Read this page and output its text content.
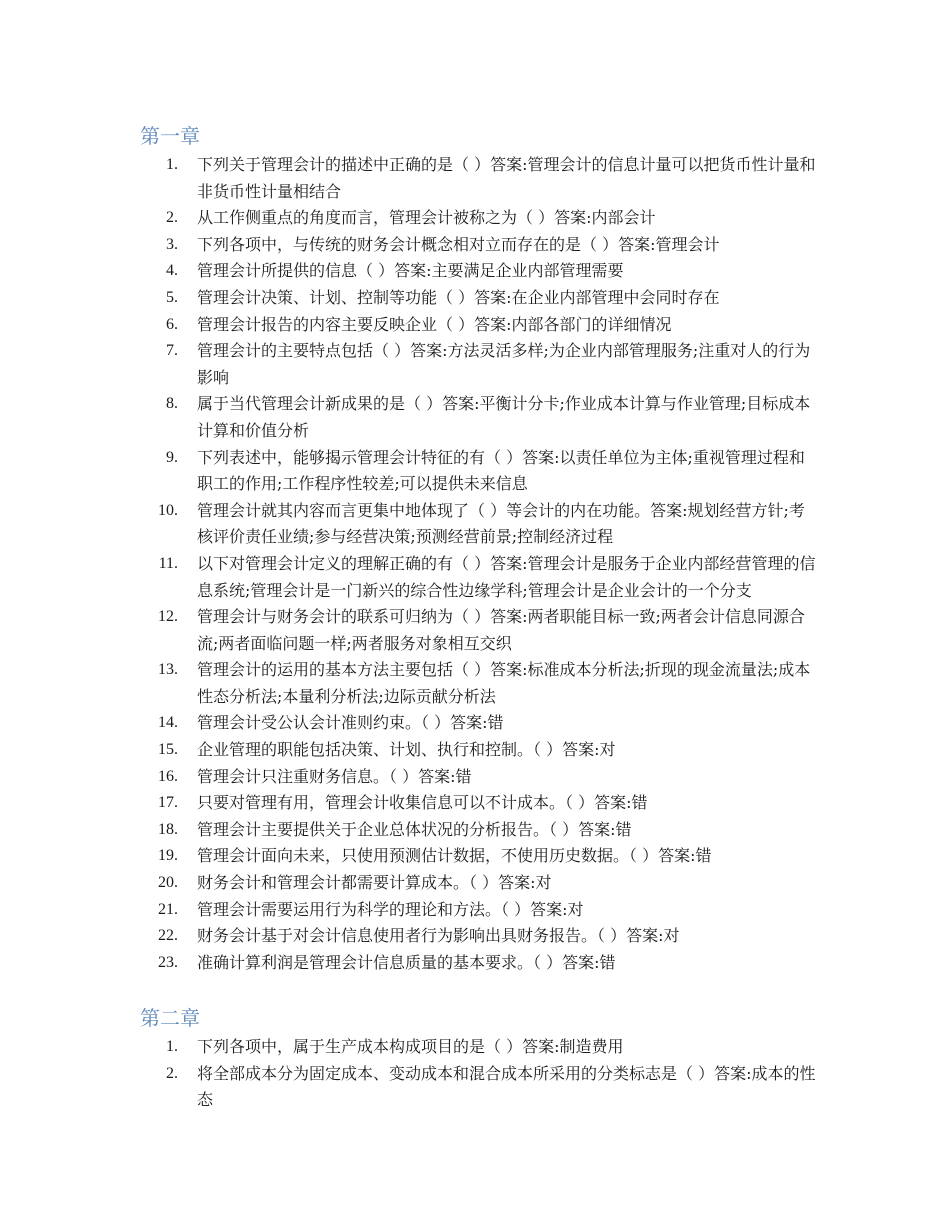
第一章
1. 下列关于管理会计的描述中正确的是（ ）答案:管理会计的信息计量可以把货币性计量和非货币性计量相结合
2. 从工作侧重点的角度而言，管理会计被称之为（ ）答案:内部会计
3. 下列各项中，与传统的财务会计概念相对立而存在的是（ ）答案:管理会计
4. 管理会计所提供的信息（ ）答案:主要满足企业内部管理需要
5. 管理会计决策、计划、控制等功能（ ）答案:在企业内部管理中会同时存在
6. 管理会计报告的内容主要反映企业（ ）答案:内部各部门的详细情况
7. 管理会计的主要特点包括（ ）答案:方法灵活多样;为企业内部管理服务;注重对人的行为影响
8. 属于当代管理会计新成果的是（ ）答案:平衡计分卡;作业成本计算与作业管理;目标成本计算和价值分析
9. 下列表述中，能够揭示管理会计特征的有（ ）答案:以责任单位为主体;重视管理过程和职工的作用;工作程序性较差;可以提供未来信息
10. 管理会计就其内容而言更集中地体现了（ ）等会计的内在功能。答案:规划经营方针;考核评价责任业绩;参与经营决策;预测经营前景;控制经济过程
11. 以下对管理会计定义的理解正确的有（ ）答案:管理会计是服务于企业内部经营管理的信息系统;管理会计是一门新兴的综合性边缘学科;管理会计是企业会计的一个分支
12. 管理会计与财务会计的联系可归纳为（ ）答案:两者职能目标一致;两者会计信息同源合流;两者面临问题一样;两者服务对象相互交织
13. 管理会计的运用的基本方法主要包括（ ）答案:标准成本分析法;折现的现金流量法;成本性态分析法;本量利分析法;边际贡献分析法
14. 管理会计受公认会计准则约束。（ ）答案:错
15. 企业管理的职能包括决策、计划、执行和控制。（ ）答案:对
16. 管理会计只注重财务信息。（ ）答案:错
17. 只要对管理有用，管理会计收集信息可以不计成本。（ ）答案:错
18. 管理会计主要提供关于企业总体状况的分析报告。（ ）答案:错
19. 管理会计面向未来，只使用预测估计数据，不使用历史数据。（ ）答案:错
20. 财务会计和管理会计都需要计算成本。（ ）答案:对
21. 管理会计需要运用行为科学的理论和方法。（ ）答案:对
22. 财务会计基于对会计信息使用者行为影响出具财务报告。（ ）答案:对
23. 准确计算利润是管理会计信息质量的基本要求。（ ）答案:错
第二章
1. 下列各项中，属于生产成本构成项目的是（ ）答案:制造费用
2. 将全部成本分为固定成本、变动成本和混合成本所采用的分类标志是（ ）答案:成本的性态
